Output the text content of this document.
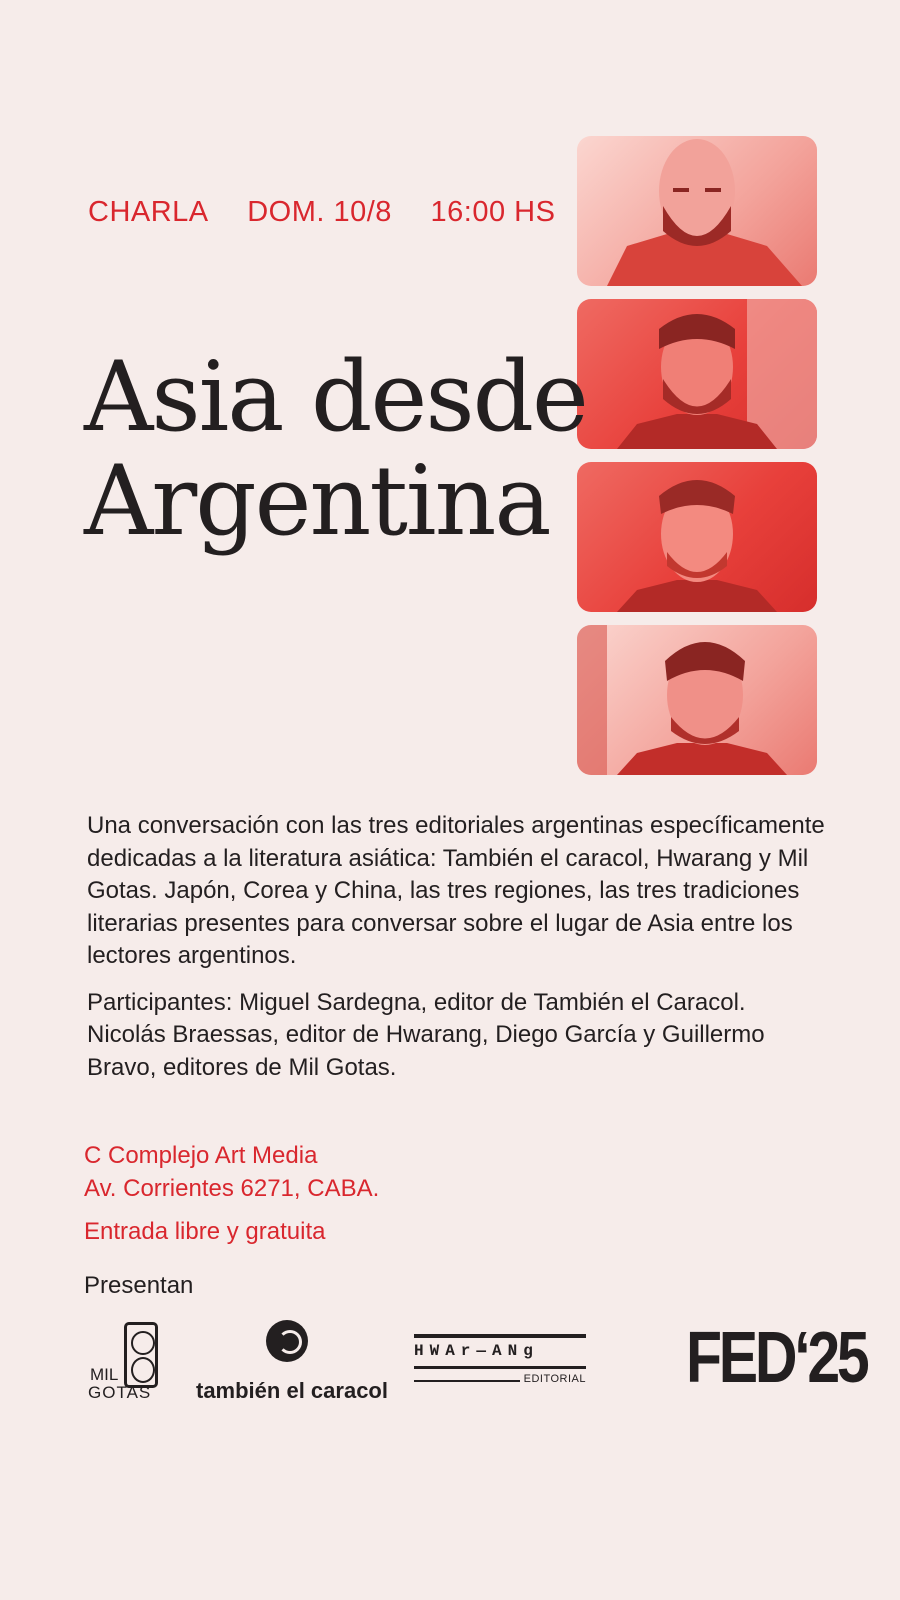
CHARLA DOM. 10/8 16:00 HS
Asia desde
Argentina

Una conversación con las tres editoriales argentinas específicamente dedicadas a la literatura asiática: También el caracol, Hwarang y Mil Gotas. Japón, Corea y China, las tres regiones, las tres tradiciones literarias presentes para conversar sobre el lugar de Asia entre los lectores argentinos.

Participantes: Miguel Sardegna, editor de También el Caracol. Nicolás Braessas, editor de Hwarang, Diego García y Guillermo Bravo, editores de Mil Gotas.

C Complejo Art Media
Av. Corrientes 6271, CABA.
Entrada libre y gratuita
Presentan
MIL
GOTAS también el caracol
HWAr—ANg
EDITORIAL FED‘25
